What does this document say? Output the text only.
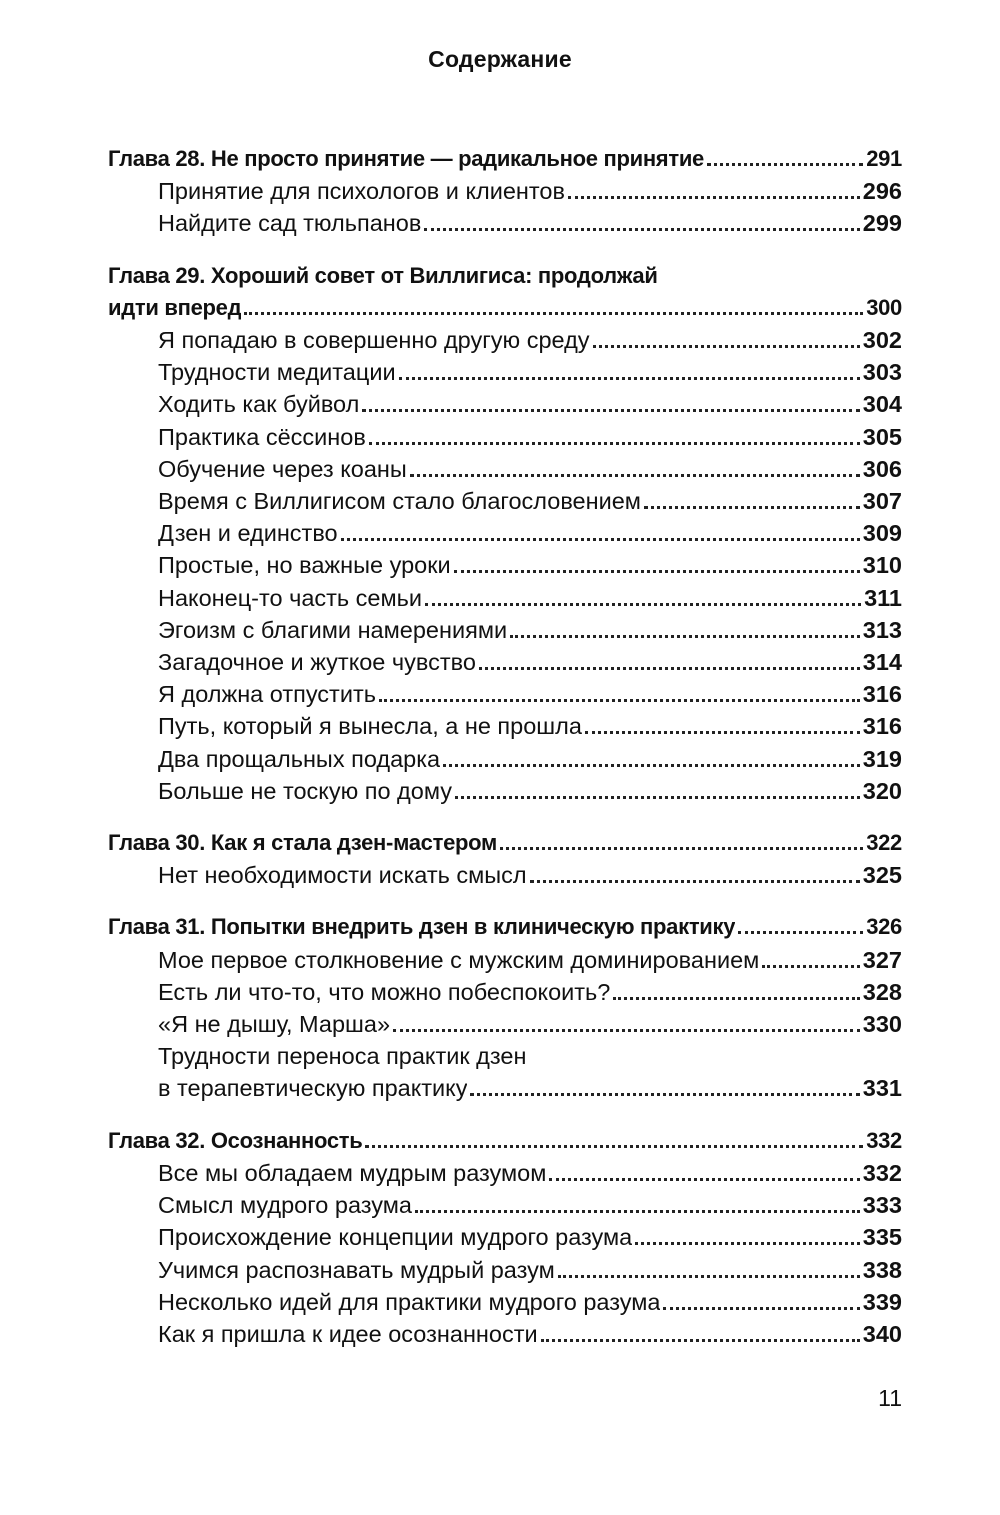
Содержание
Глава 28. Не просто принятие — радикальное принятие	291
Принятие для психологов и клиентов	296
Найдите сад тюльпанов	299
Глава 29. Хороший совет от Виллигиса: продолжай
идти вперед	300
Я попадаю в совершенно другую среду	302
Трудности медитации	303
Ходить как буйвол	304
Практика сёссинов	305
Обучение через коаны	306
Время с Виллигисом стало благословением	307
Дзен и единство	309
Простые, но важные уроки	310
Наконец-то часть семьи	311
Эгоизм с благими намерениями	313
Загадочное и жуткое чувство	314
Я должна отпустить	316
Путь, который я вынесла, а не прошла	316
Два прощальных подарка	319
Больше не тоскую по дому	320
Глава 30. Как я стала дзен-мастером	322
Нет необходимости искать смысл	325
Глава 31. Попытки внедрить дзен в клиническую практику	326
Мое первое столкновение с мужским доминированием	327
Есть ли что-то, что можно побеспокоить?	328
«Я не дышу, Марша»	330
Трудности переноса практик дзен
в терапевтическую практику	331
Глава 32. Осознанность	332
Все мы обладаем мудрым разумом	332
Смысл мудрого разума	333
Происхождение концепции мудрого разума	335
Учимся распознавать мудрый разум	338
Несколько идей для практики мудрого разума	339
Как я пришла к идее осознанности	340
11
